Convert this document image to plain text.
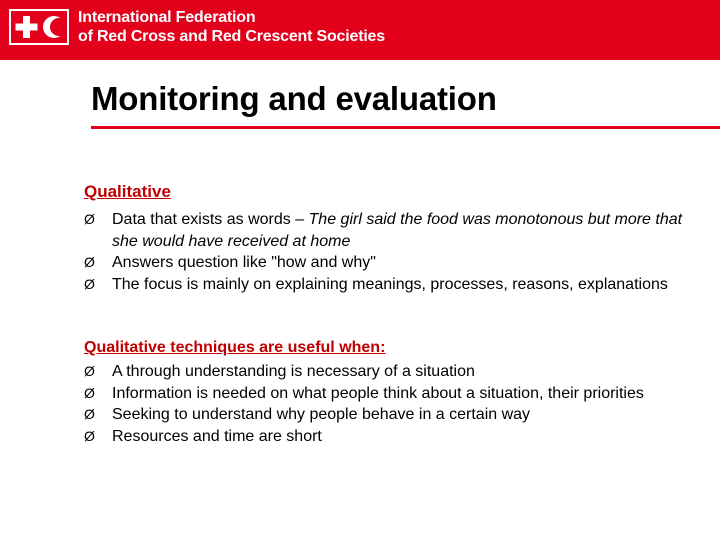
International Federation
of Red Cross and Red Crescent Societies
Monitoring and evaluation
Qualitative
Ø	Data that exists as words – The girl said the food was monotonous but more that she would have received at home
Ø	Answers question like "how and why"
Ø	The focus is mainly on explaining meanings, processes, reasons, explanations
Qualitative techniques are useful when:
Ø	A through understanding is necessary of a situation
Ø	Information is needed on what people think about a situation, their priorities
Ø	Seeking to understand why people behave in a certain way
Ø	Resources and time are short
